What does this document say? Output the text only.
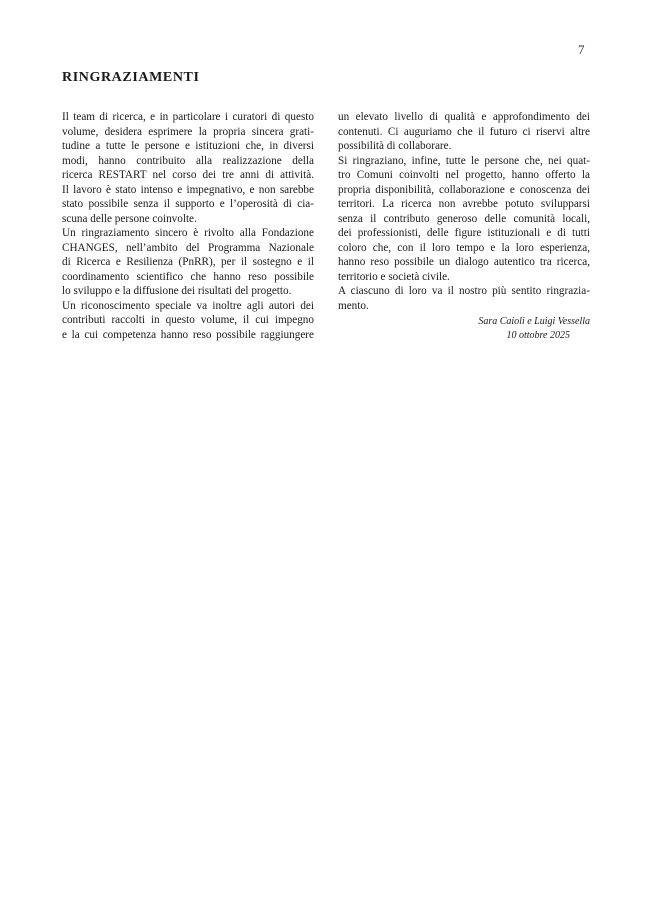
7
RINGRAZIAMENTI
Il team di ricerca, e in particolare i curatori di questo
volume, desidera esprimere la propria sincera grati-
tudine a tutte le persone e istituzioni che, in diversi
modi, hanno contribuito alla realizzazione della
ricerca RESTART nel corso dei tre anni di attività.
Il lavoro è stato intenso e impegnativo, e non sarebbe
stato possibile senza il supporto e l’operosità di cia-
scuna delle persone coinvolte.
Un ringraziamento sincero è rivolto alla Fondazione
CHANGES, nell’ambito del Programma Nazionale
di Ricerca e Resilienza (PnRR), per il sostegno e il
coordinamento scientifico che hanno reso possibile
lo sviluppo e la diffusione dei risultati del progetto.
Un riconoscimento speciale va inoltre agli autori dei
contributi raccolti in questo volume, il cui impegno
e la cui competenza hanno reso possibile raggiungere
un elevato livello di qualità e approfondimento dei
contenuti. Ci auguriamo che il futuro ci riservi altre
possibilità di collaborare.
Si ringraziano, infine, tutte le persone che, nei quat-
tro Comuni coinvolti nel progetto, hanno offerto la
propria disponibilità, collaborazione e conoscenza dei
territori. La ricerca non avrebbe potuto svilupparsi
senza il contributo generoso delle comunità locali,
dei professionisti, delle figure istituzionali e di tutti
coloro che, con il loro tempo e la loro esperienza,
hanno reso possibile un dialogo autentico tra ricerca,
territorio e società civile.
A ciascuno di loro va il nostro più sentito ringrazia-
mento.
Sara Caioli e Luigi Vessella

10 ottobre 2025
